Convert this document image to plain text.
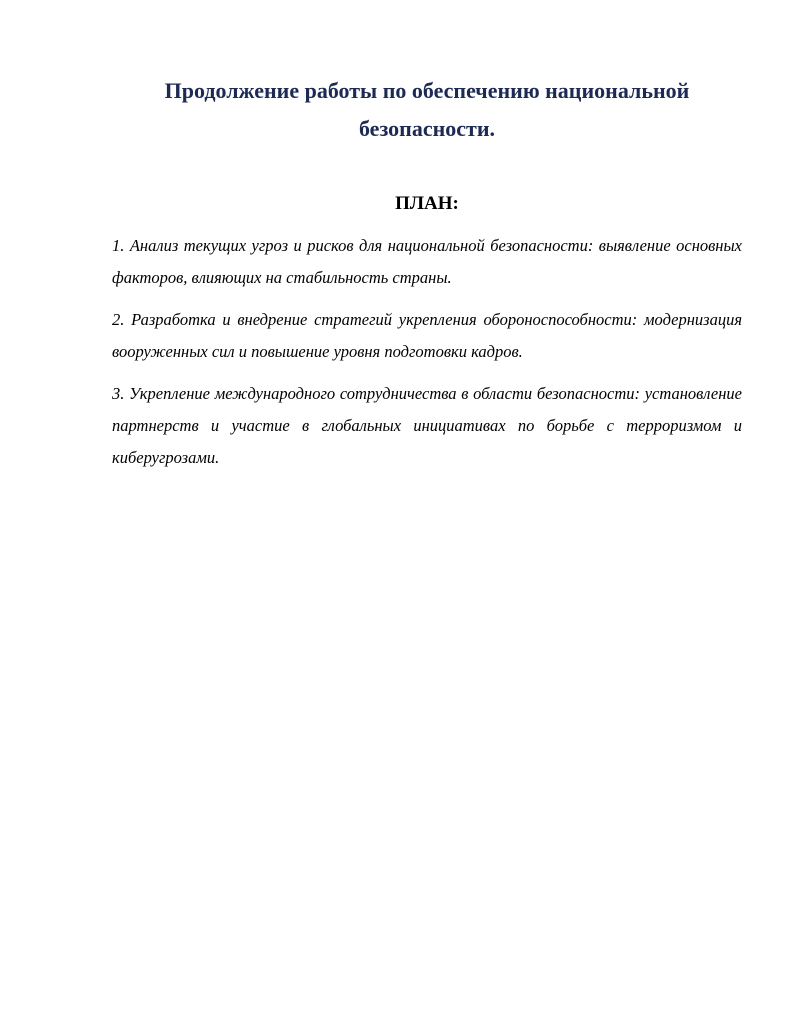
Продолжение работы по обеспечению национальной безопасности.
ПЛАН:
1. Анализ текущих угроз и рисков для национальной безопасности: выявление основных факторов, влияющих на стабильность страны.
2. Разработка и внедрение стратегий укрепления обороноспособности: модернизация вооруженных сил и повышение уровня подготовки кадров.
3. Укрепление международного сотрудничества в области безопасности: установление партнерств и участие в глобальных инициативах по борьбе с терроризмом и киберугрозами.
